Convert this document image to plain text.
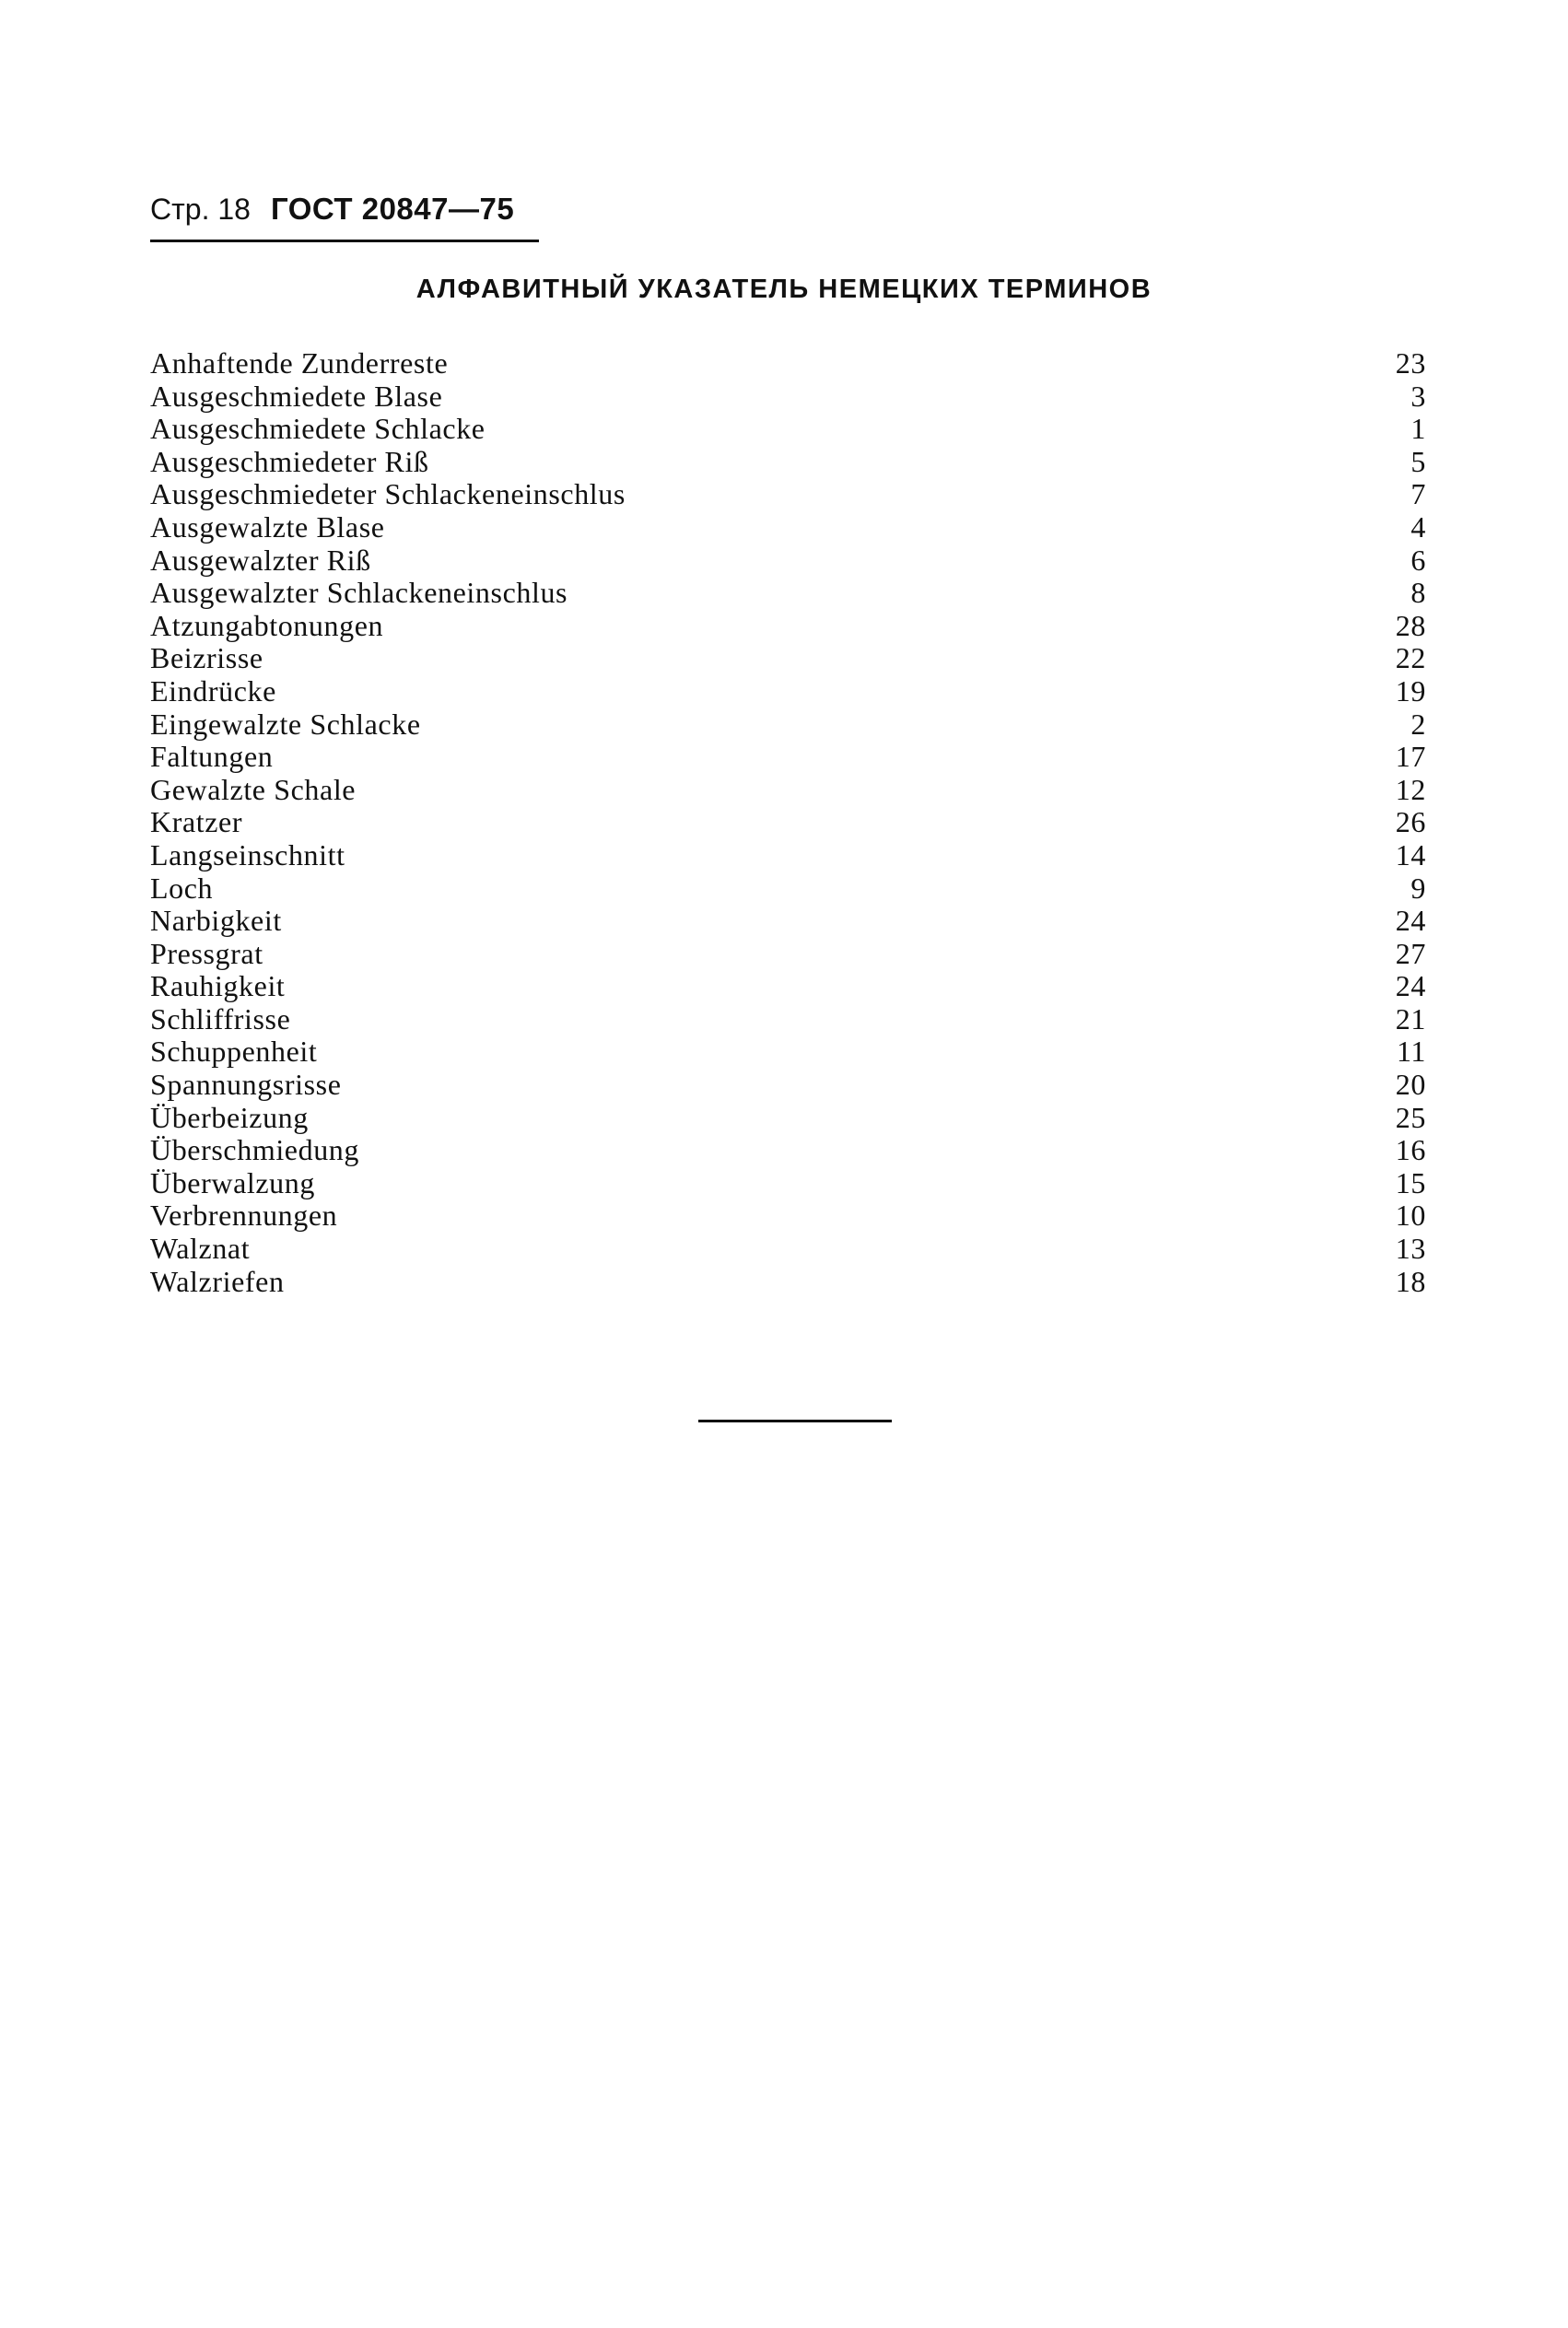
Стр. 18 ГОСТ 20847—75
АЛФАВИТНЫЙ УКАЗАТЕЛЬ НЕМЕЦКИХ ТЕРМИНОВ
Anhaftende Zunderreste	23
Ausgeschmiedete Blase	3
Ausgeschmiedete Schlacke	1
Ausgeschmiedeter Riß	5
Ausgeschmiedeter Schlackeneinschlus	7
Ausgewalzte Blase	4
Ausgewalzter Riß	6
Ausgewalzter Schlackeneinschlus	8
Atzungabtonungen	28
Beizrisse	22
Eindrücke	19
Eingewalzte Schlacke	2
Faltungen	17
Gewalzte Schale	12
Kratzer	26
Langseinschnitt	14
Loch	9
Narbigkeit	24
Pressgrat	27
Rauhigkeit	24
Schliffrisse	21
Schuppenheit	11
Spannungsrisse	20
Überbeizung	25
Überschmiedung	16
Überwalzung	15
Verbrennungen	10
Walznat	13
Walzriefen	18
